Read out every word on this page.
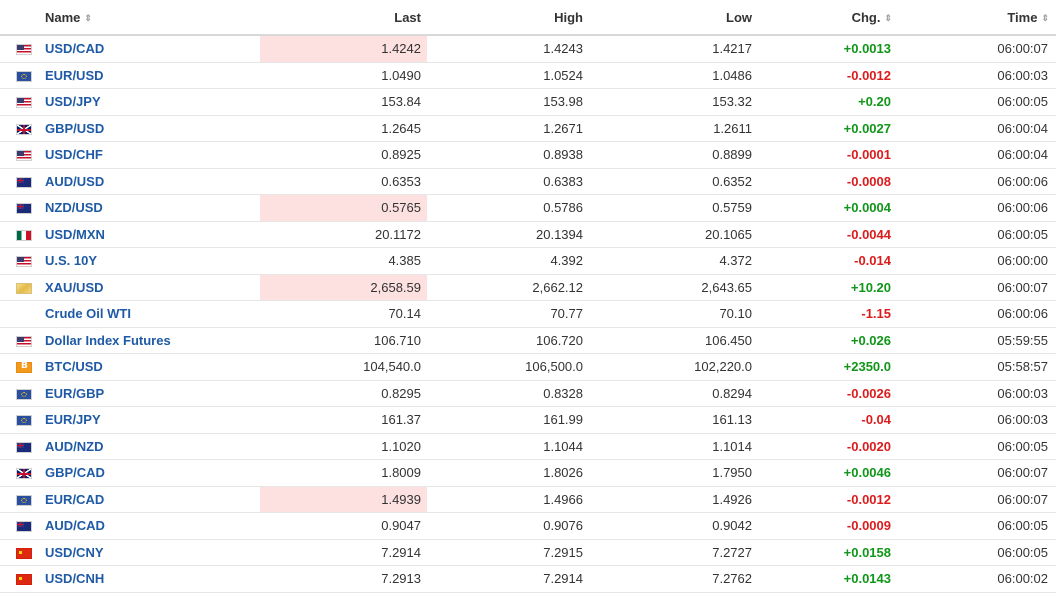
	Name ⇕	Last	High	Low	Chg. ⇕	Time ⇕
	USD/CAD	1.4242	1.4243	1.4217	+0.0013	06:00:07
	EUR/USD	1.0490	1.0524	1.0486	-0.0012	06:00:03
	USD/JPY	153.84	153.98	153.32	+0.20	06:00:05
	GBP/USD	1.2645	1.2671	1.2611	+0.0027	06:00:04
	USD/CHF	0.8925	0.8938	0.8899	-0.0001	06:00:04
	AUD/USD	0.6353	0.6383	0.6352	-0.0008	06:00:06
	NZD/USD	0.5765	0.5786	0.5759	+0.0004	06:00:06
	USD/MXN	20.1172	20.1394	20.1065	-0.0044	06:00:05
	U.S. 10Y	4.385	4.392	4.372	-0.014	06:00:00
	XAU/USD	2,658.59	2,662.12	2,643.65	+10.20	06:00:07
	Crude Oil WTI	70.14	70.77	70.10	-1.15	06:00:06
	Dollar Index Futures	106.710	106.720	106.450	+0.026	05:59:55
B	BTC/USD	104,540.0	106,500.0	102,220.0	+2350.0	05:58:57
	EUR/GBP	0.8295	0.8328	0.8294	-0.0026	06:00:03
	EUR/JPY	161.37	161.99	161.13	-0.04	06:00:03
	AUD/NZD	1.1020	1.1044	1.1014	-0.0020	06:00:05
	GBP/CAD	1.8009	1.8026	1.7950	+0.0046	06:00:07
	EUR/CAD	1.4939	1.4966	1.4926	-0.0012	06:00:07
	AUD/CAD	0.9047	0.9076	0.9042	-0.0009	06:00:05
	USD/CNY	7.2914	7.2915	7.2727	+0.0158	06:00:05
	USD/CNH	7.2913	7.2914	7.2762	+0.0143	06:00:02
